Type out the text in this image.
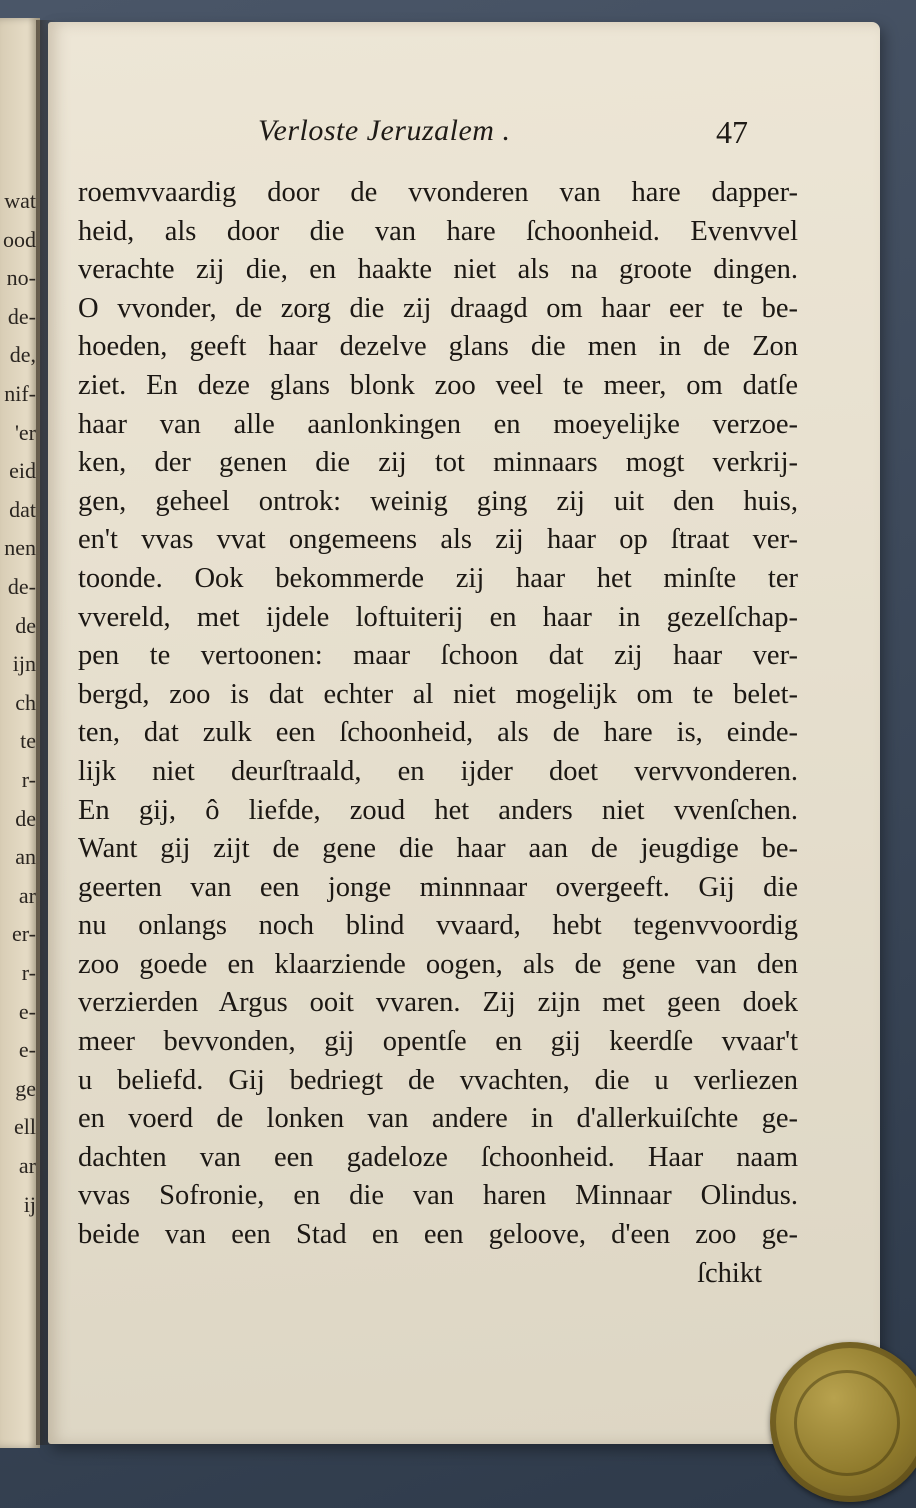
wat
ood
no-
de-
de,
nif-
'er
eid
dat
nen
de-
de
ijn
ch
te
r-
de
an
ar
er-
r-
e-
e-
ge
ell
ar
ij
Verloste Jeruzalem .	47
roemvvaardig door de vvonderen van hare dapper-
heid, als door die van hare ſchoonheid. Evenvvel
verachte zij die, en haakte niet als na groote dingen.
O vvonder, de zorg die zij draagd om haar eer te be-
hoeden, geeft haar dezelve glans die men in de Zon
ziet. En deze glans blonk zoo veel te meer, om datſe
haar van alle aanlonkingen en moeyelijke verzoe-
ken, der genen die zij tot minnaars mogt verkrij-
gen, geheel ontrok: weinig ging zij uit den huis,
en't vvas vvat ongemeens als zij haar op ſtraat ver-
toonde. Ook bekommerde zij haar het minſte ter
vvereld, met ijdele loftuiterij en haar in gezelſchap-
pen te vertoonen: maar ſchoon dat zij haar ver-
bergd, zoo is dat echter al niet mogelijk om te belet-
ten, dat zulk een ſchoonheid, als de hare is, einde-
lijk niet deurſtraald, en ijder doet vervvonderen.
En gij, ô liefde, zoud het anders niet vvenſchen.
Want gij zijt de gene die haar aan de jeugdige be-
geerten van een jonge minnnaar overgeeft. Gij die
nu onlangs noch blind vvaard, hebt tegenvvoordig
zoo goede en klaarziende oogen, als de gene van den
verzierden Argus ooit vvaren. Zij zijn met geen doek
meer bevvonden, gij opentſe en gij keerdſe vvaar't
u beliefd. Gij bedriegt de vvachten, die u verliezen
en voerd de lonken van andere in d'allerkuiſchte ge-
dachten van een gadeloze ſchoonheid. Haar naam
vvas Sofronie, en die van haren Minnaar Olindus.
beide van een Stad en een geloove, d'een zoo ge-
ſchikt
